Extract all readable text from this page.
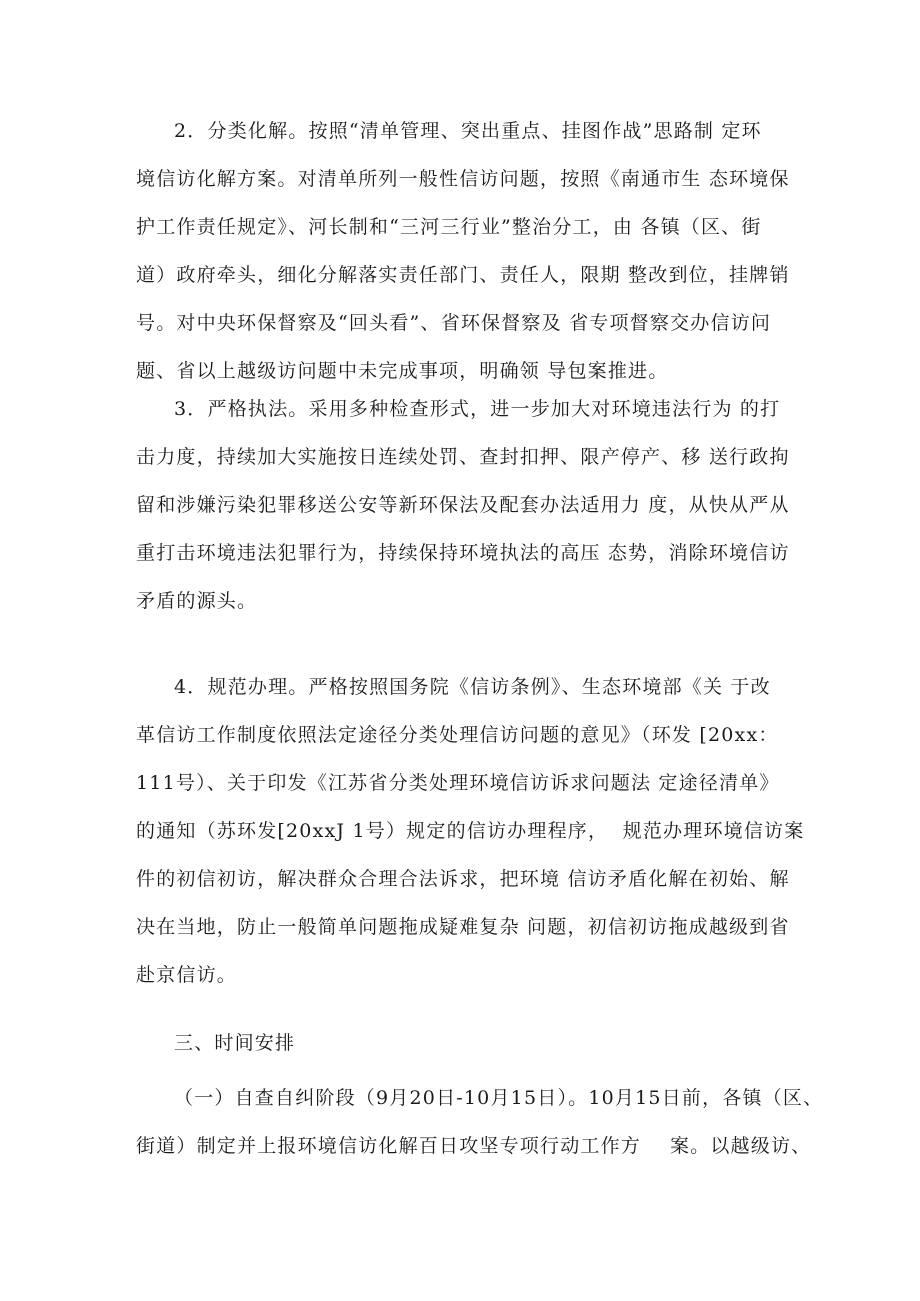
2．分类化解。按照“清单管理、突出重点、挂图作战”思路制 定环
境信访化解方案。对清单所列一般性信访问题，按照《南通市生 态环境保
护工作责任规定》、河长制和“三河三行业”整治分工，由 各镇（区、街
道）政府牵头，细化分解落实责任部门、责任人，限期 整改到位，挂牌销
号。对中央环保督察及“回头看”、省环保督察及 省专项督察交办信访问
题、省以上越级访问题中未完成事项，明确领 导包案推进。
3．严格执法。采用多种检查形式，进一步加大对环境违法行为 的打
击力度，持续加大实施按日连续处罚、查封扣押、限产停产、移 送行政拘
留和涉嫌污染犯罪移送公安等新环保法及配套办法适用力 度，从快从严从
重打击环境违法犯罪行为，持续保持环境执法的高压 态势，消除环境信访
矛盾的源头。
4．规范办理。严格按照国务院《信访条例》、生态环境部《关 于改
革信访工作制度依照法定途径分类处理信访问题的意见》（环发 [20xx：
111号）、关于印发《江苏省分类处理环境信访诉求问题法 定途径清单》
的通知（苏环发[20xxJ 1号）规定的信访办理程序，  规范办理环境信访案
件的初信初访，解决群众合理合法诉求，把环境 信访矛盾化解在初始、解
决在当地，防止一般简单问题拖成疑难复杂 问题，初信初访拖成越级到省
赴京信访。
三、时间安排
（一）自查自纠阶段（9月20日-10月15日）。10月15日前，各镇（区、
街道）制定并上报环境信访化解百日攻坚专项行动工作方    案。以越级访、
